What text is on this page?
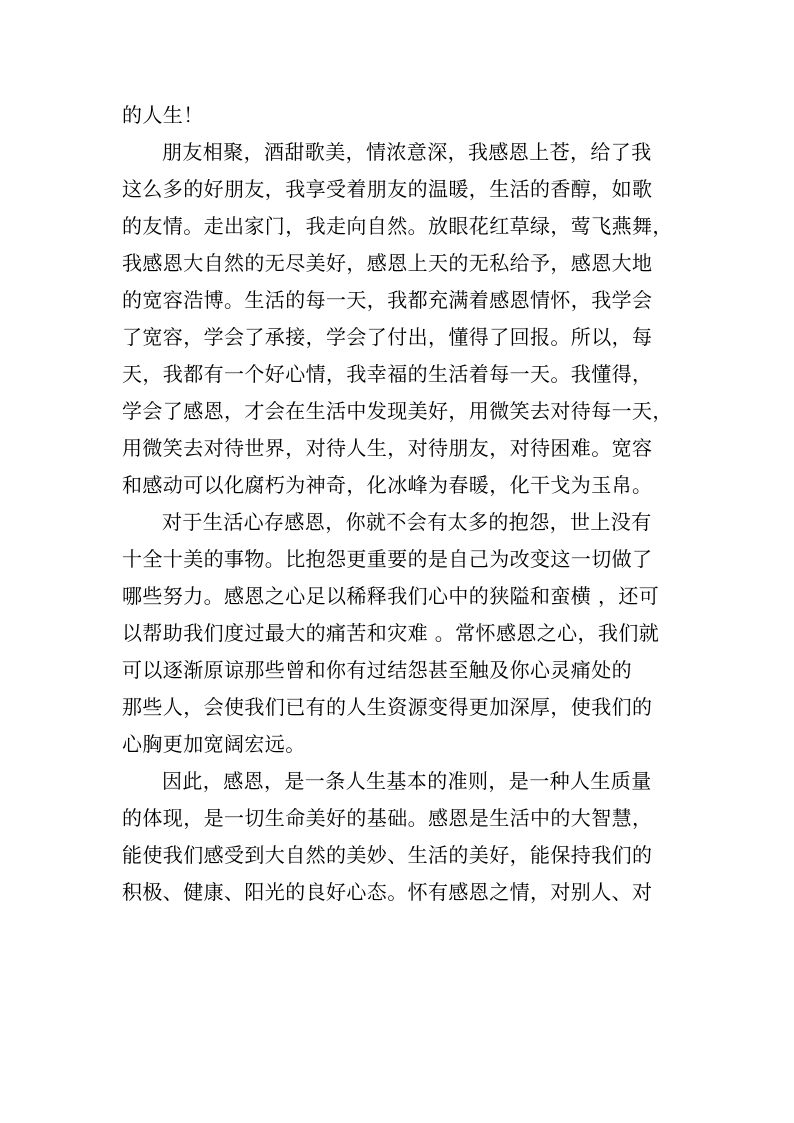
的人生！
朋友相聚，酒甜歌美，情浓意深，我感恩上苍，给了我
这么多的好朋友，我享受着朋友的温暖，生活的香醇，如歌
的友情。走出家门，我走向自然。放眼花红草绿，莺飞燕舞，
我感恩大自然的无尽美好，感恩上天的无私给予，感恩大地
的宽容浩博。生活的每一天，我都充满着感恩情怀，我学会
了宽容，学会了承接，学会了付出，懂得了回报。所以，每
天，我都有一个好心情，我幸福的生活着每一天。我懂得，
学会了感恩，才会在生活中发现美好，用微笑去对待每一天，
用微笑去对待世界，对待人生，对待朋友，对待困难。宽容
和感动可以化腐朽为神奇，化冰峰为春暖，化干戈为玉帛。
对于生活心存感恩，你就不会有太多的抱怨，世上没有
十全十美的事物。比抱怨更重要的是自己为改变这一切做了
哪些努力。感恩之心足以稀释我们心中的狭隘和蛮横 ，还可
以帮助我们度过最大的痛苦和灾难 。常怀感恩之心，我们就
可以逐渐原谅那些曾和你有过结怨甚至触及你心灵痛处的
那些人，会使我们已有的人生资源变得更加深厚，使我们的
心胸更加宽阔宏远。
因此，感恩，是一条人生基本的准则，是一种人生质量
的体现，是一切生命美好的基础。感恩是生活中的大智慧，
能使我们感受到大自然的美妙、生活的美好，能保持我们的
积极、健康、阳光的良好心态。怀有感恩之情，对别人、对
